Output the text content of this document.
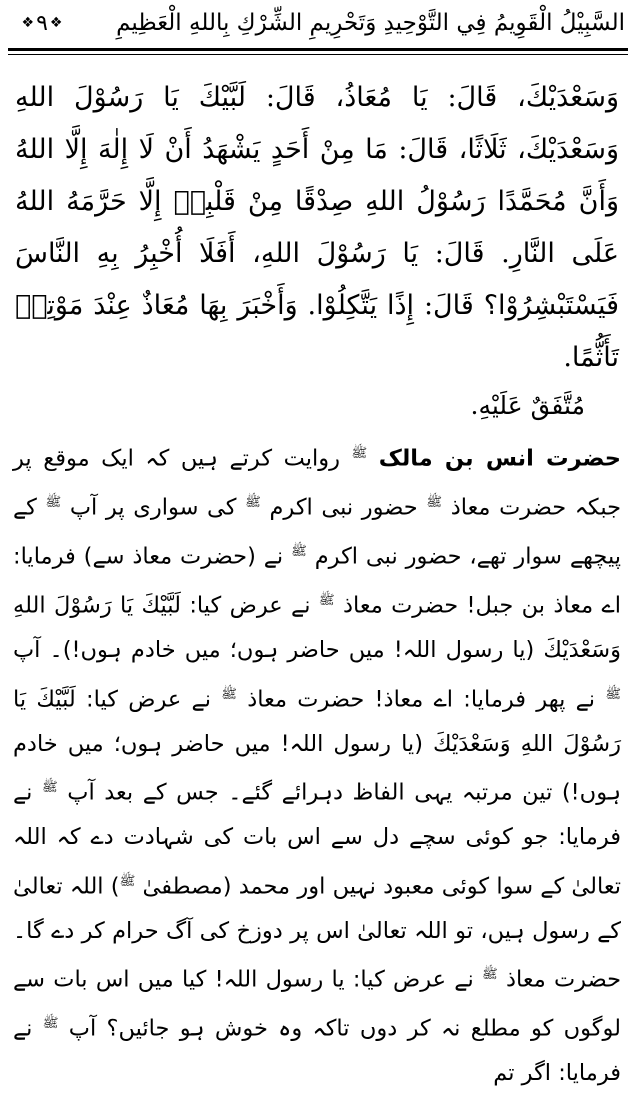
❖
٩
❖	السَّبِيْلُ الْقَوِيمُ فِي التَّوْحِيدِ وَتَحْرِيمِ الشِّرْكِ بِاللهِ الْعَظِيمِ

وَسَعْدَيْكَ، قَالَ: يَا مُعَاذُ، قَالَ: لَبَّيْكَ يَا رَسُوْلَ اللهِ وَسَعْدَيْكَ، ثَلَاثًا، قَالَ: مَا مِنْ أَحَدٍ يَشْهَدُ أَنْ لَا إِلٰهَ إِلَّا اللهُ وَأَنَّ مُحَمَّدًا رَسُوْلُ اللهِ صِدْقًا مِنْ قَلْبِهٖ إِلَّا حَرَّمَهُ اللهُ عَلَى النَّارِ. قَالَ: يَا رَسُوْلَ اللهِ، أَفَلَا أُخْبِرُ بِهِ النَّاسَ فَيَسْتَبْشِرُوْا؟ قَالَ: إِذًا يَتَّكِلُوْا. وَأَخْبَرَ بِهَا مُعَاذٌ عِنْدَ مَوْتِهٖ تَأَثُّمًا.

مُتَّفَقٌ عَلَيْهِ.

حضرت انس بن مالک $^ﷺ$ روایت کرتے ہیں کہ ایک موقع پر جبکہ حضرت معاذ $^ﷺ$ حضور نبی اکرم $^ﷺ$ کی سواری پر آپ $^ﷺ$ کے پیچھے سوار تھے، حضور نبی اکرم $^ﷺ$ نے (حضرت معاذ سے) فرمایا: اے معاذ بن جبل! حضرت معاذ $^ﷺ$ نے عرض کیا: لَبَّيْكَ يَا رَسُوْلَ اللهِ وَسَعْدَيْكَ (یا رسول اللہ! میں حاضر ہوں؛ میں خادم ہوں!)۔ آپ $^ﷺ$ نے پھر فرمایا: اے معاذ! حضرت معاذ $^ﷺ$ نے عرض کیا: لَبَّيْكَ يَا رَسُوْلَ اللهِ وَسَعْدَيْكَ (یا رسول اللہ! میں حاضر ہوں؛ میں خادم ہوں!) تین مرتبہ یہی الفاظ دہرائے گئے۔ جس کے بعد آپ $^ﷺ$ نے فرمایا: جو کوئی سچے دل سے اس بات کی شہادت دے کہ اللہ تعالیٰ کے سوا کوئی معبود نہیں اور محمد (مصطفیٰ $^ﷺ$) اللہ تعالیٰ کے رسول ہیں، تو اللہ تعالیٰ اس پر دوزخ کی آگ حرام کر دے گا۔ حضرت معاذ $^ﷺ$ نے عرض کیا: یا رسول اللہ! کیا میں اس بات سے لوگوں کو مطلع نہ کر دوں تاکہ وہ خوش ہو جائیں؟ آپ $^ﷺ$ نے فرمایا: اگر تم
